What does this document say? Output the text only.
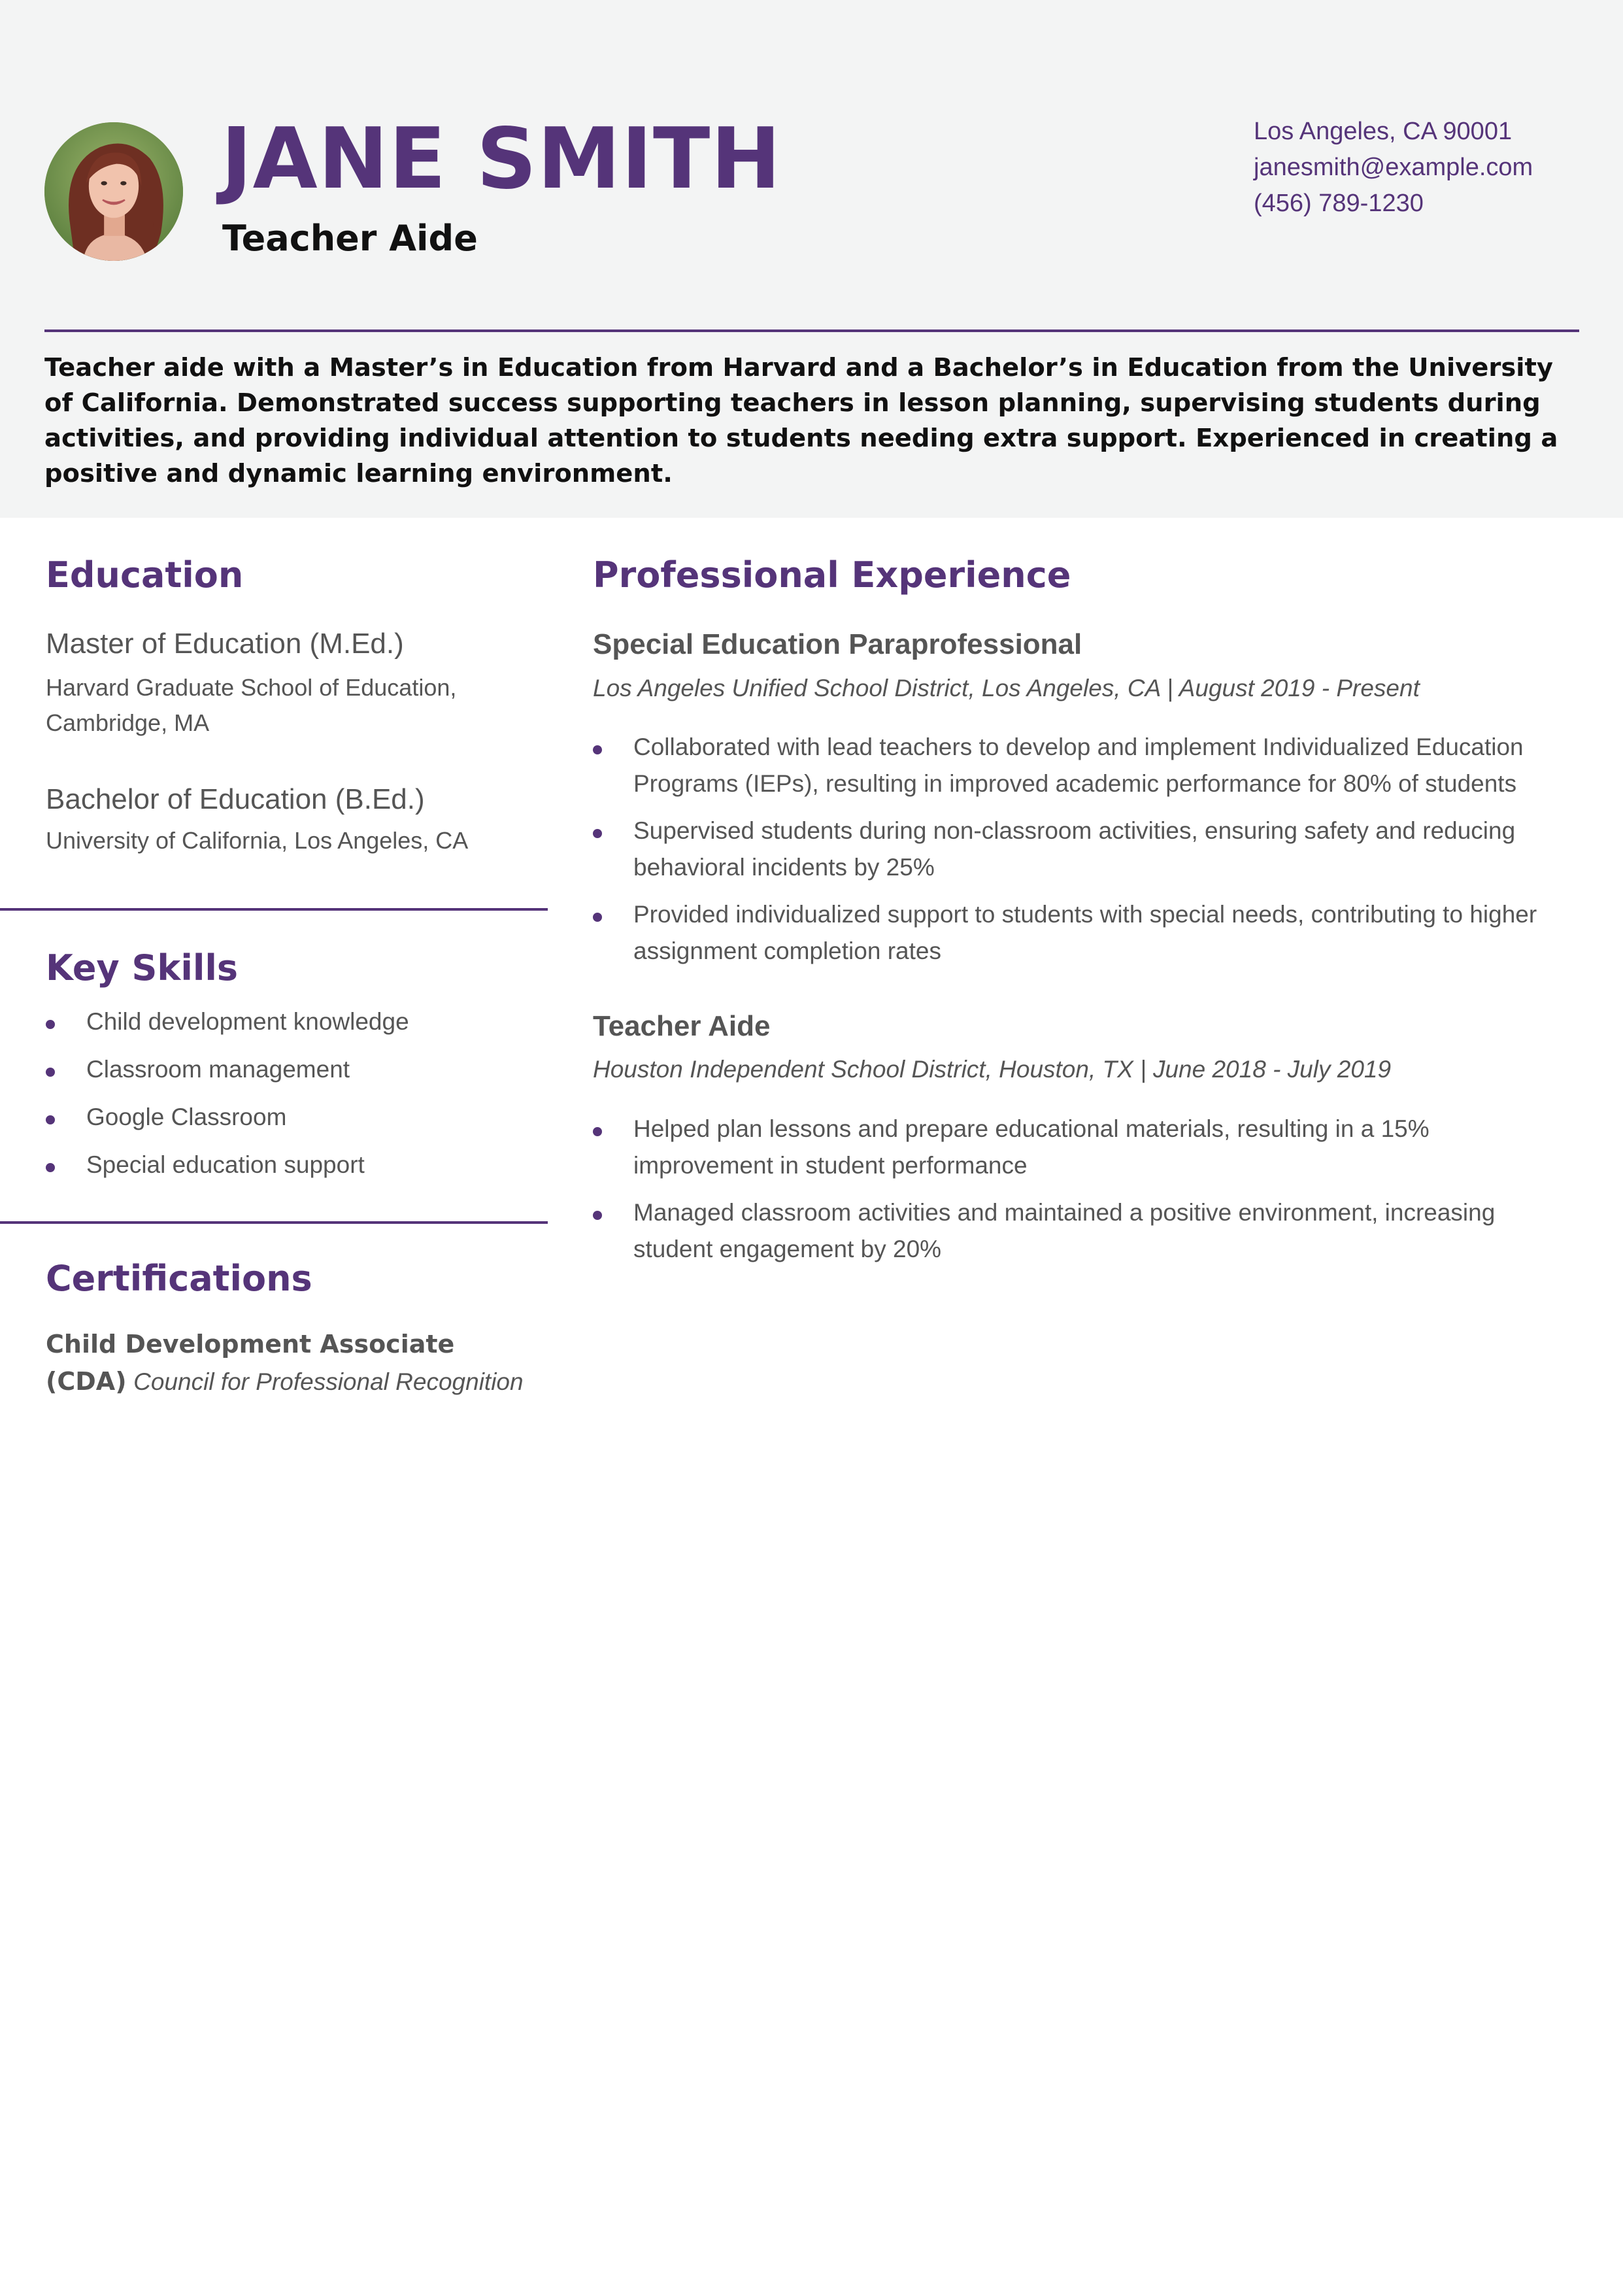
JANE SMITH
Teacher Aide
Los Angeles, CA 90001
janesmith@example.com
(456) 789-1230

Teacher aide with a Master’s in Education from Harvard and a Bachelor’s in Education from the University of California. Demonstrated success supporting teachers in lesson planning, supervising students during activities, and providing individual attention to students needing extra support. Experienced in creating a positive and dynamic learning environment.

Education
Master of Education (M.Ed.)
Harvard Graduate School of Education, Cambridge, MA
Bachelor of Education (B.Ed.)
University of California, Los Angeles, CA
Key Skills
Child development knowledge
Classroom management
Google Classroom
Special education support
Certifications
Child Development Associate (CDA) Council for Professional Recognition
Professional Experience
Special Education Paraprofessional
Los Angeles Unified School District, Los Angeles, CA | August 2019 - Present
Collaborated with lead teachers to develop and implement Individualized Education Programs (IEPs), resulting in improved academic performance for 80% of students
Supervised students during non-classroom activities, ensuring safety and reducing behavioral incidents by 25%
Provided individualized support to students with special needs, contributing to higher assignment completion rates
Teacher Aide
Houston Independent School District, Houston, TX | June 2018 - July 2019
Helped plan lessons and prepare educational materials, resulting in a 15% improvement in student performance
Managed classroom activities and maintained a positive environment, increasing student engagement by 20%
